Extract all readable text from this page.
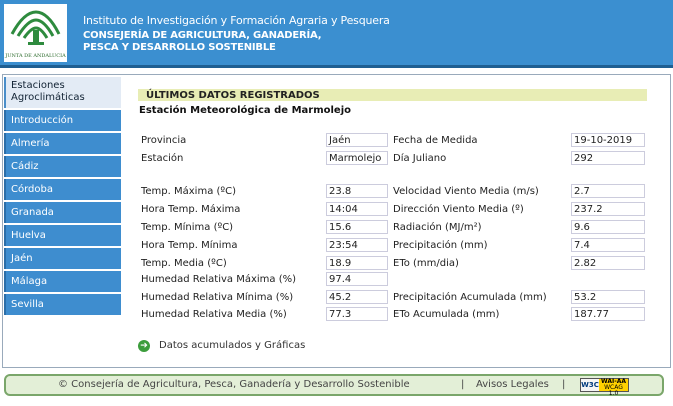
JUNTA DE ANDALUCIA
Instituto de Investigación y Formación Agraria y Pesquera
CONSEJERÍA DE AGRICULTURA, GANADERÍA,
PESCA Y DESARROLLO SOSTENIBLE
Estaciones
Agroclimáticas
Introducción
Almería
Cádiz
Córdoba
Granada
Huelva
Jaén
Málaga
Sevilla
ÚLTIMOS DATOS REGISTRADOS
Estación Meteorológica de Marmolejo
Provincia	Jaén	Fecha de Medida	19-10-2019
Estación	Marmolejo	Día Juliano	292
Temp. Máxima (ºC)	23.8	Velocidad Viento Media (m/s)	2.7
Hora Temp. Máxima	14:04	Dirección Viento Media (º)	237.2
Temp. Mínima (ºC)	15.6	Radiación (MJ/m²)	9.6
Hora Temp. Mínima	23:54	Precipitación (mm)	7.4
Temp. Media (ºC)	18.9	ETo (mm/dia)	2.82
Humedad Relativa Máxima (%)	97.4
Humedad Relativa Mínima (%)	45.2	Precipitación Acumulada (mm)	53.2
Humedad Relativa Media (%)	77.3	ETo Acumulada (mm)	187.77
➔ Datos acumulados y Gráficas
© Consejería de Agricultura, Pesca, Ganadería y Desarrollo Sostenible	| Avisos Legales | W3C WAI-AA
WCAG 1.0
